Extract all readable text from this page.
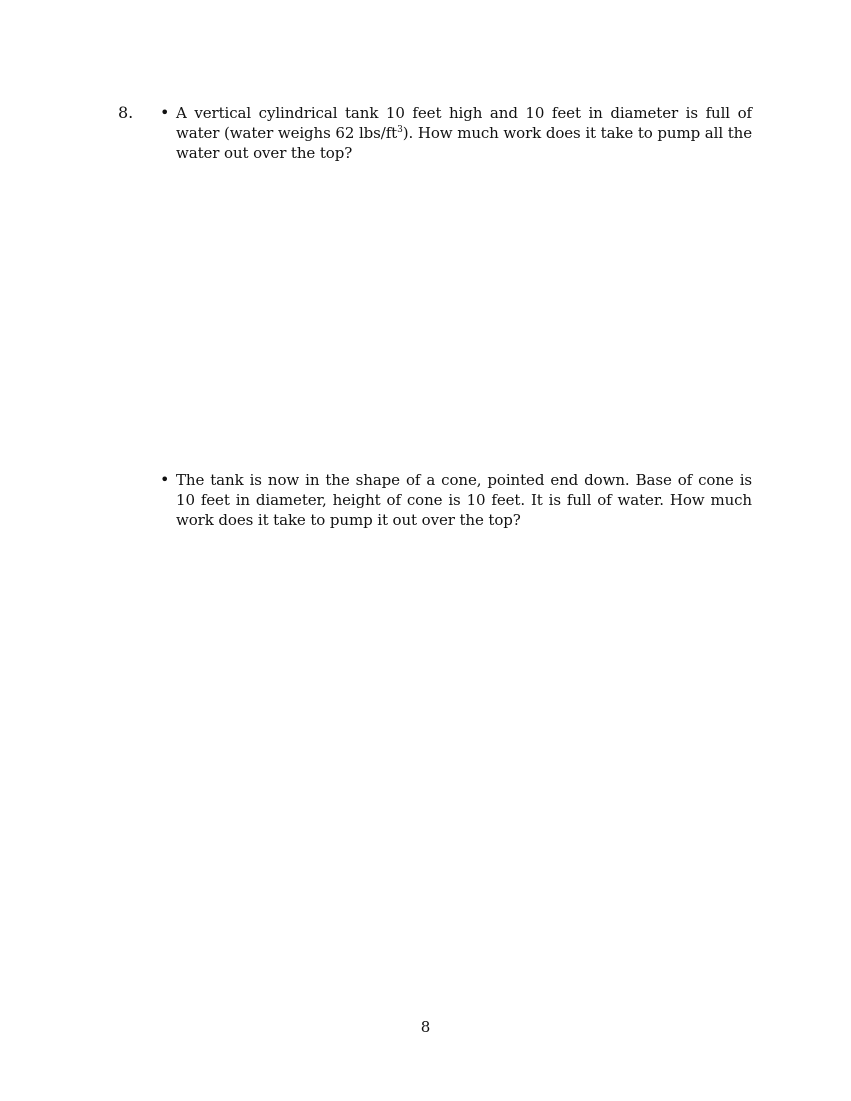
8. • A vertical cylindrical tank 10 feet high and 10 feet in diameter is full of water (water weighs 62 lbs/$ft^3$). How much work does it take to pump all the water out over the top?
• The tank is now in the shape of a cone, pointed end down. Base of cone is 10 feet in diameter, height of cone is 10 feet. It is full of water. How much work does it take to pump it out over the top?
8
